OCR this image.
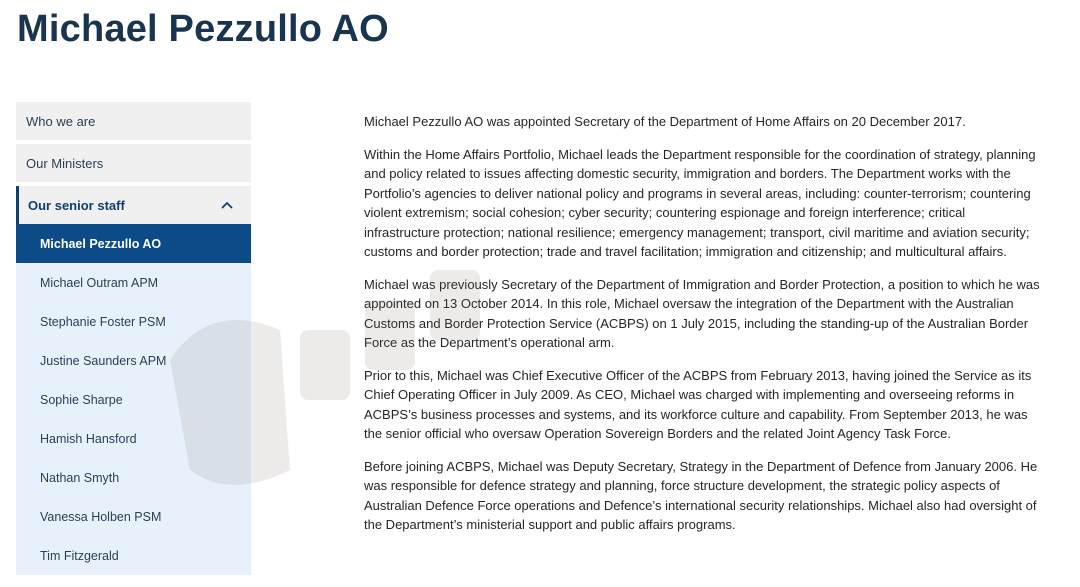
Michael Pezzullo AO
Who we are
Our Ministers
Our senior staff
Michael Pezzullo AO
Michael Outram APM
Stephanie Foster PSM
Justine Saunders APM
Sophie Sharpe
Hamish Hansford
Nathan Smyth
Vanessa Holben PSM
Tim Fitzgerald

Michael Pezzullo AO was appointed Secretary of the Department of Home Affairs on 20 December 2017.

Within the Home Affairs Portfolio, Michael leads the Department responsible for the coordination of strategy, planning and policy related to issues affecting domestic security, immigration and borders. The Department works with the Portfolio’s agencies to deliver national policy and programs in several areas, including: counter-terrorism; countering violent extremism; social cohesion; cyber security; countering espionage and foreign interference; critical infrastructure protection; national resilience; emergency management; transport, civil maritime and aviation security; customs and border protection; trade and travel facilitation; immigration and citizenship; and multicultural affairs.

Michael was previously Secretary of the Department of Immigration and Border Protection, a position to which he was appointed on 13 October 2014. In this role, Michael oversaw the integration of the Department with the Australian Customs and Border Protection Service (ACBPS) on 1 July 2015, including the standing-up of the Australian Border Force as the Department’s operational arm.

Prior to this, Michael was Chief Executive Officer of the ACBPS from February 2013, having joined the Service as its Chief Operating Officer in July 2009. As CEO, Michael was charged with implementing and overseeing reforms in ACBPS’s business processes and systems, and its workforce culture and capability. From September 2013, he was the senior official who oversaw Operation Sovereign Borders and the related Joint Agency Task Force.

Before joining ACBPS, Michael was Deputy Secretary, Strategy in the Department of Defence from January 2006. He was responsible for defence strategy and planning, force structure development, the strategic policy aspects of Australian Defence Force operations and Defence’s international security relationships. Michael also had oversight of the Department’s ministerial support and public affairs programs.
